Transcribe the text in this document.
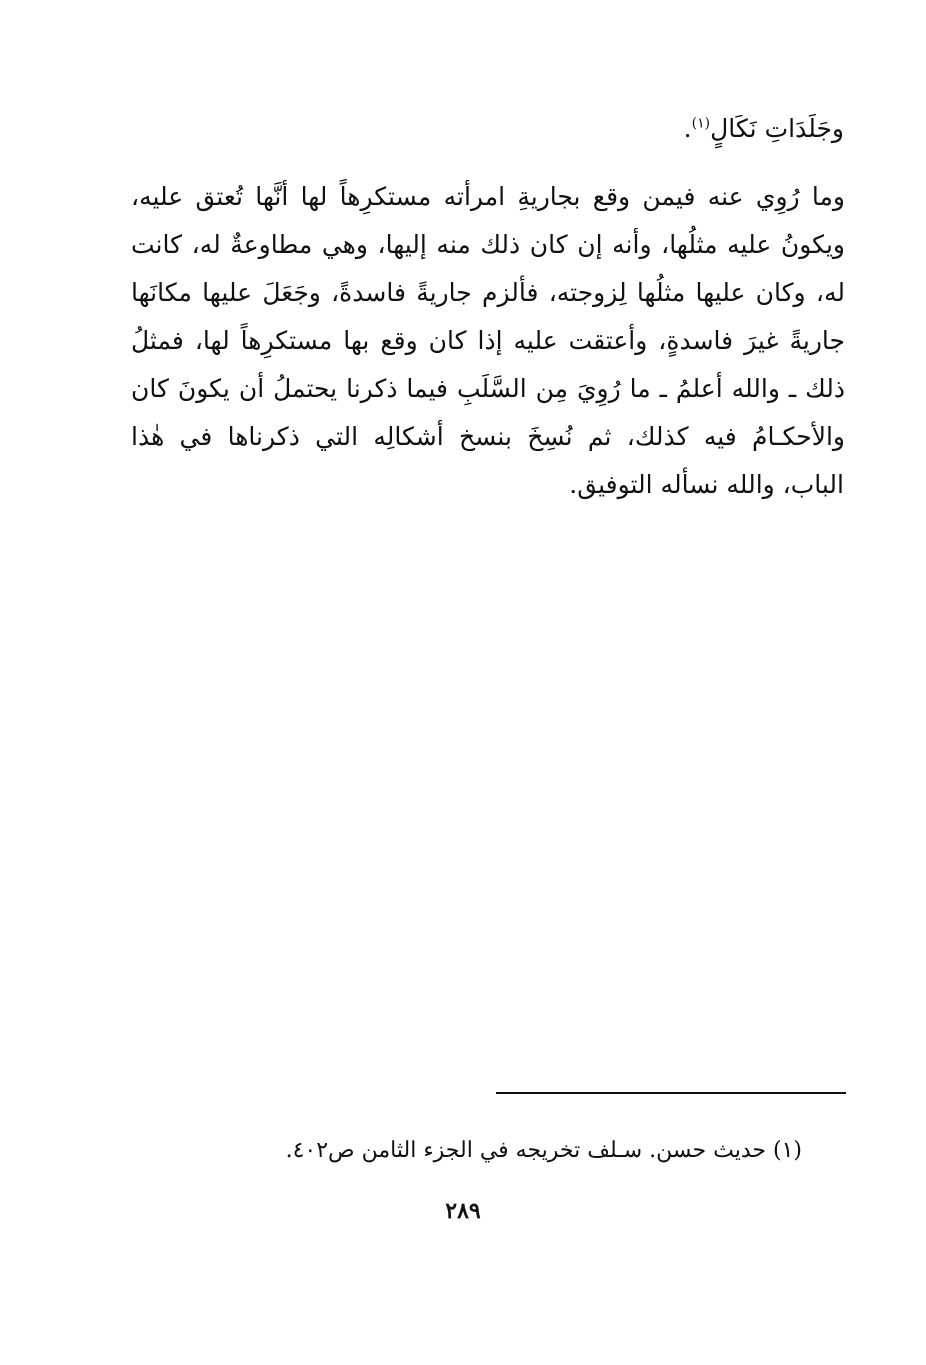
وجَلَدَاتِ نَكَالٍ$^{(١)}$.
وما رُوِي عنه فيمن وقع بجاريةِ امرأته مستكرِهاً لها أنَّها تُعتق عليه،
ويكونُ عليه مثلُها، وأنه إن كان ذلك منه إليها، وهي مطاوعةٌ له، كانت
له، وكان عليها مثلُها لِزوجته، فألزم جاريةً فاسدةً، وجَعَلَ عليها مكانَها
جاريةً غيرَ فاسدةٍ، وأعتقت عليه إذا كان وقع بها مستكرِهاً لها، فمثلُ
ذلك ـ والله أعلمُ ـ ما رُوِيَ مِن السَّلَبِ فيما ذكرنا يحتملُ أن يكونَ كان
والأحكـامُ فيه كذلك، ثم نُسِخَ بنسخ أشكالِه التي ذكرناها في هٰذا
الباب، والله نسأله التوفيق.
(١) حديث حسن. سـلف تخريجه في الجزء الثامن ص٤٠٢.
٢٨٩
